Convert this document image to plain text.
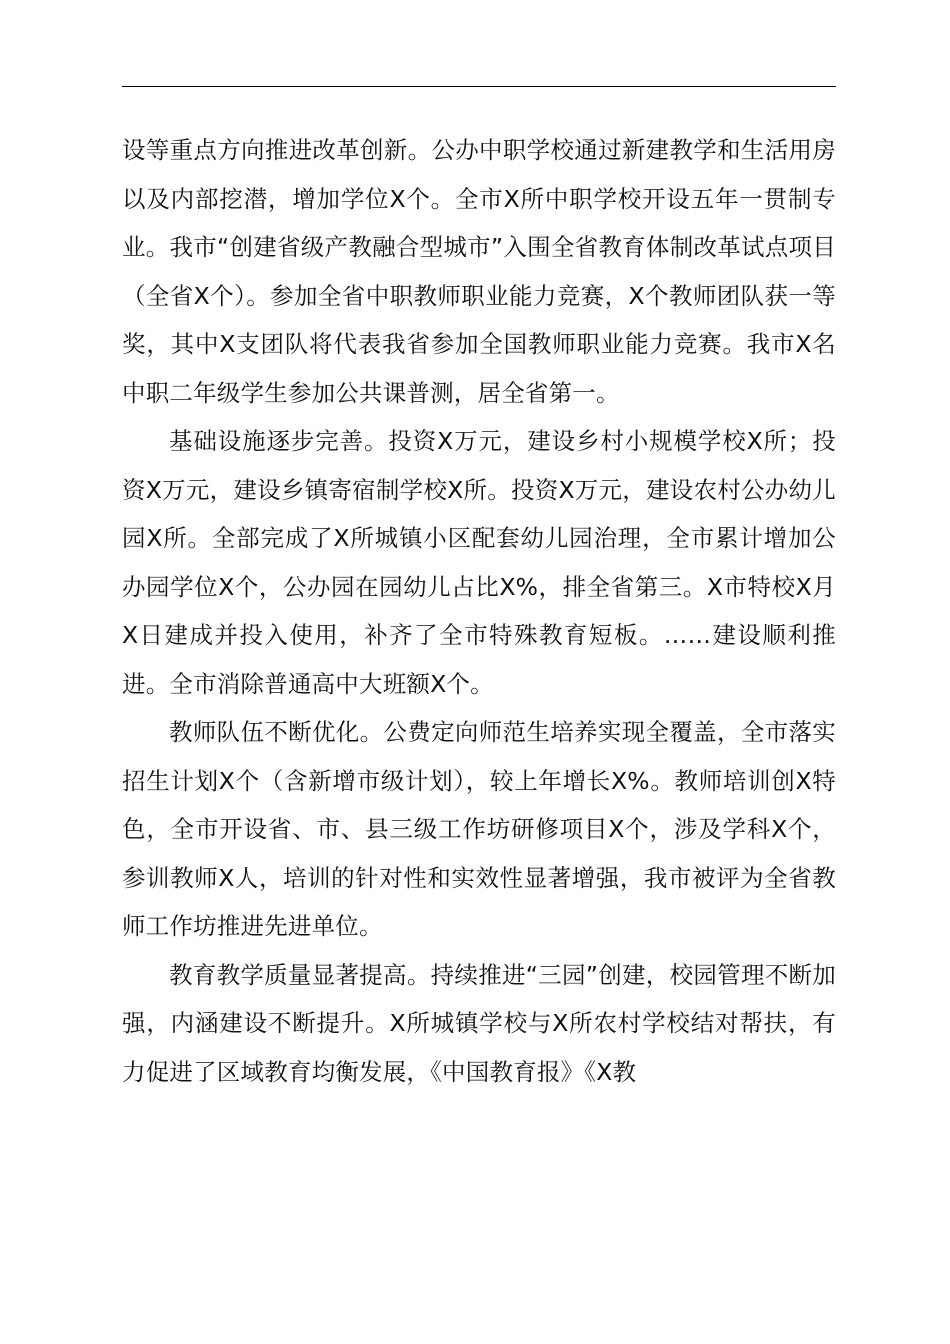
设等重点方向推进改革创新。公办中职学校通过新建教学和生活用房以及内部挖潜，增加学位X个。全市X所中职学校开设五年一贯制专业。我市“创建省级产教融合型城市”入围全省教育体制改革试点项目（全省X个）。参加全省中职教师职业能力竞赛，X个教师团队获一等奖，其中X支团队将代表我省参加全国教师职业能力竞赛。我市X名中职二年级学生参加公共课普测，居全省第一。

基础设施逐步完善。投资X万元，建设乡村小规模学校X所；投资X万元，建设乡镇寄宿制学校X所。投资X万元，建设农村公办幼儿园X所。全部完成了X所城镇小区配套幼儿园治理，全市累计增加公办园学位X个，公办园在园幼儿占比X%，排全省第三。X市特校X月X日建成并投入使用，补齐了全市特殊教育短板。……建设顺利推进。全市消除普通高中大班额X个。

教师队伍不断优化。公费定向师范生培养实现全覆盖，全市落实招生计划X个（含新增市级计划），较上年增长X%。教师培训创X特色，全市开设省、市、县三级工作坊研修项目X个，涉及学科X个，参训教师X人，培训的针对性和实效性显著增强，我市被评为全省教师工作坊推进先进单位。

教育教学质量显著提高。持续推进“三园”创建，校园管理不断加强，内涵建设不断提升。X所城镇学校与X所农村学校结对帮扶，有力促进了区域教育均衡发展，《中国教育报》《X教
